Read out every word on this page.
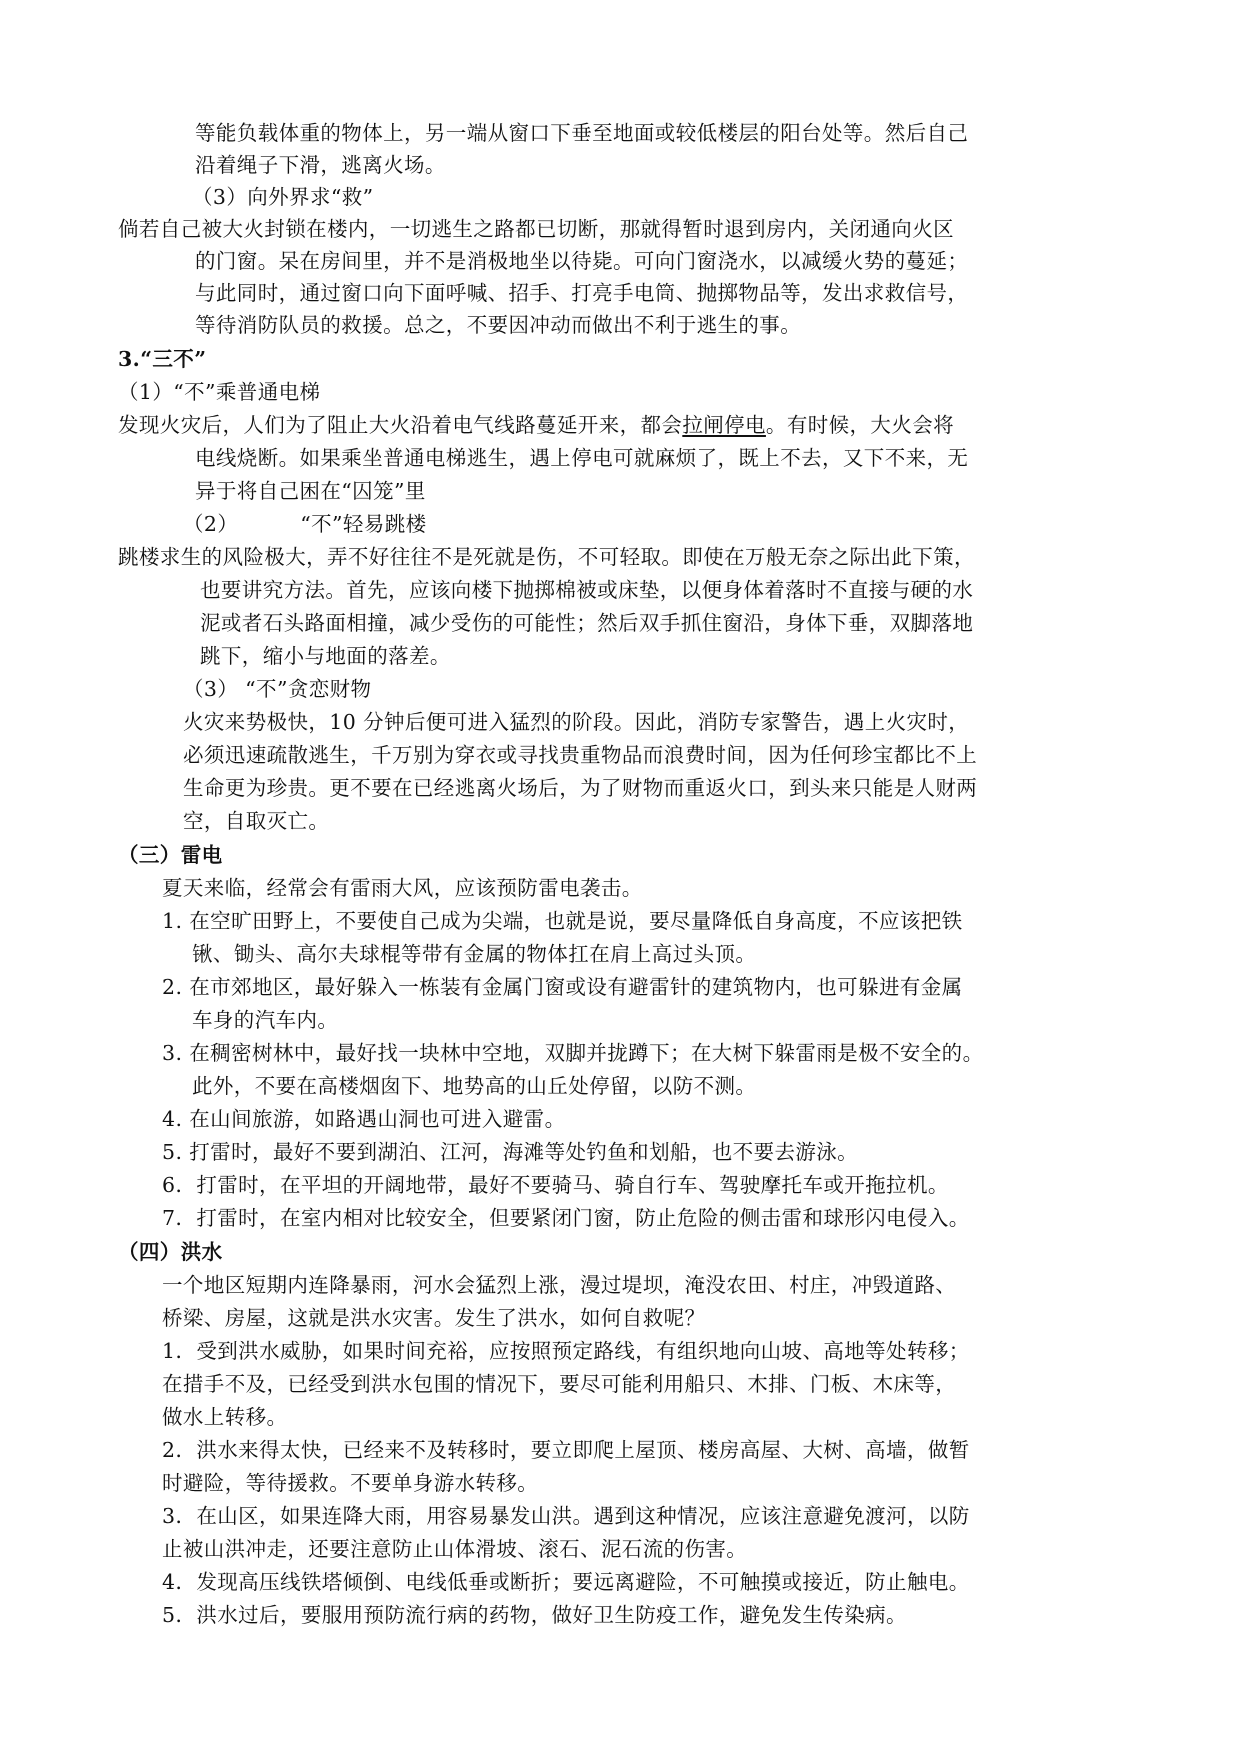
等能负载体重的物体上，另一端从窗口下垂至地面或较低楼层的阳台处等。然后自己
沿着绳子下滑，逃离火场。
（3）向外界求“救”
倘若自己被大火封锁在楼内，一切逃生之路都已切断，那就得暂时退到房内，关闭通向火区
的门窗。呆在房间里，并不是消极地坐以待毙。可向门窗浇水，以减缓火势的蔓延；
与此同时，通过窗口向下面呼喊、招手、打亮手电筒、抛掷物品等，发出求救信号，
等待消防队员的救援。总之，不要因冲动而做出不利于逃生的事。
3.“三不”
（1）“不”乘普通电梯
发现火灾后，人们为了阻止大火沿着电气线路蔓延开来，都会拉闸停电。有时候，大火会将
电线烧断。如果乘坐普通电梯逃生，遇上停电可就麻烦了，既上不去，又下不来，无
异于将自己困在“囚笼”里
（2）	“不”轻易跳楼
跳楼求生的风险极大，弄不好往往不是死就是伤，不可轻取。即使在万般无奈之际出此下策，
也要讲究方法。首先，应该向楼下抛掷棉被或床垫，以便身体着落时不直接与硬的水
泥或者石头路面相撞，减少受伤的可能性；然后双手抓住窗沿，身体下垂，双脚落地
跳下，缩小与地面的落差。
（3） “不”贪恋财物
火灾来势极快，10 分钟后便可进入猛烈的阶段。因此，消防专家警告，遇上火灾时，
必须迅速疏散逃生，千万别为穿衣或寻找贵重物品而浪费时间，因为任何珍宝都比不上
生命更为珍贵。更不要在已经逃离火场后，为了财物而重返火口，到头来只能是人财两
空，自取灭亡。
（三）雷电
夏天来临，经常会有雷雨大风，应该预防雷电袭击。
1. 在空旷田野上，不要使自己成为尖端，也就是说，要尽量降低自身高度，不应该把铁
锹、锄头、高尔夫球棍等带有金属的物体扛在肩上高过头顶。
2. 在市郊地区，最好躲入一栋装有金属门窗或设有避雷针的建筑物内，也可躲进有金属
车身的汽车内。
3. 在稠密树林中，最好找一块林中空地，双脚并拢蹲下；在大树下躲雷雨是极不安全的。
此外，不要在高楼烟囱下、地势高的山丘处停留，以防不测。
4. 在山间旅游，如路遇山洞也可进入避雷。
5. 打雷时，最好不要到湖泊、江河，海滩等处钓鱼和划船，也不要去游泳。
6．打雷时，在平坦的开阔地带，最好不要骑马、骑自行车、驾驶摩托车或开拖拉机。
7．打雷时，在室内相对比较安全，但要紧闭门窗，防止危险的侧击雷和球形闪电侵入。
（四）洪水
一个地区短期内连降暴雨，河水会猛烈上涨，漫过堤坝，淹没农田、村庄，冲毁道路、
桥梁、房屋，这就是洪水灾害。发生了洪水，如何自救呢？
1．受到洪水威胁，如果时间充裕，应按照预定路线，有组织地向山坡、高地等处转移；
在措手不及，已经受到洪水包围的情况下，要尽可能利用船只、木排、门板、木床等，
做水上转移。
2．洪水来得太快，已经来不及转移时，要立即爬上屋顶、楼房高屋、大树、高墙，做暂
时避险，等待援救。不要单身游水转移。
3．在山区，如果连降大雨，用容易暴发山洪。遇到这种情况，应该注意避免渡河，以防
止被山洪冲走，还要注意防止山体滑坡、滚石、泥石流的伤害。
4．发现高压线铁塔倾倒、电线低垂或断折；要远离避险，不可触摸或接近，防止触电。
5．洪水过后，要服用预防流行病的药物，做好卫生防疫工作，避免发生传染病。
